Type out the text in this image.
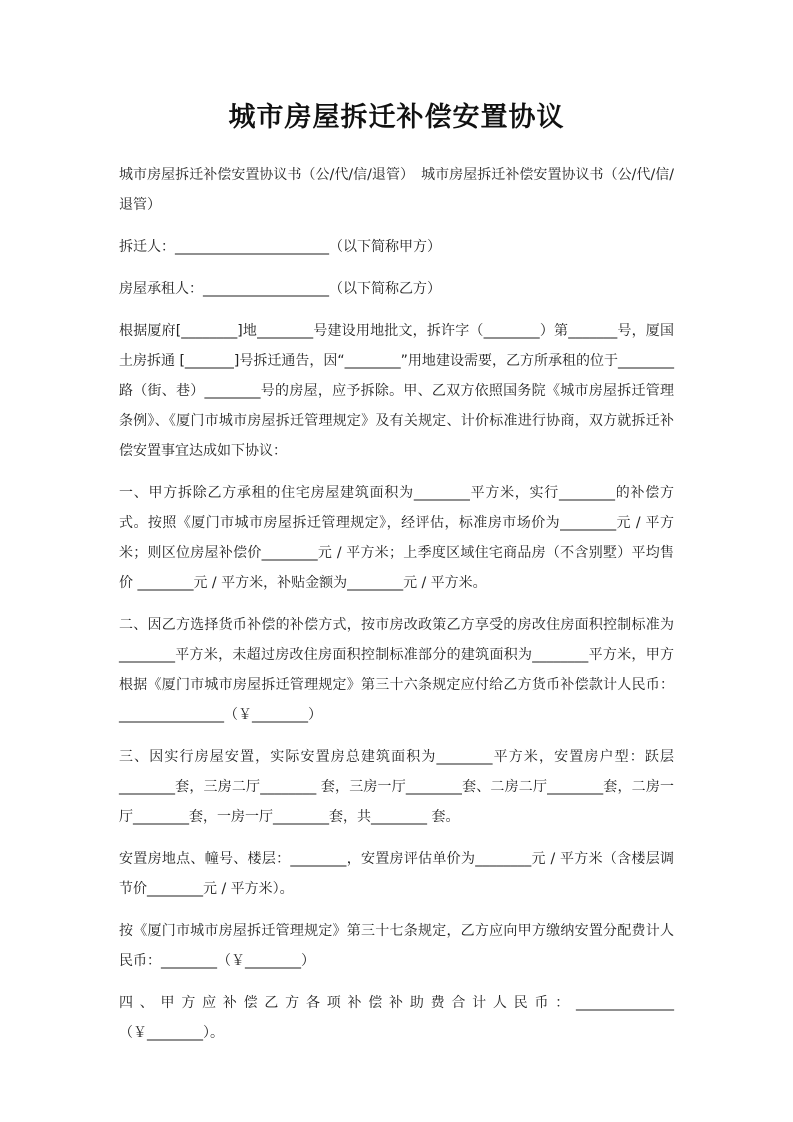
城市房屋拆迁补偿安置协议

城市房屋拆迁补偿安置协议书（公/代/信/退管）　城市房屋拆迁补偿安置协议书（公/代/信/退管）

拆迁人：______________________（以下简称甲方）

房屋承租人：__________________（以下简称乙方）

根据厦府[________]地________号建设用地批文，拆许字（________）第_______号，厦国土房拆通 [_______]号拆迁通告，因“________”用地建设需要，乙方所承租的位于________路（街、巷）________号的房屋，应予拆除。甲、乙双方依照国务院《城市房屋拆迁管理条例》、《厦门市城市房屋拆迁管理规定》及有关规定、计价标准进行协商，双方就拆迁补偿安置事宜达成如下协议：

一、甲方拆除乙方承租的住宅房屋建筑面积为________平方米，实行________的补偿方式。按照《厦门市城市房屋拆迁管理规定》，经评估，标准房市场价为________元 / 平方米；则区位房屋补偿价________元 / 平方米；上季度区域住宅商品房（不含别墅）平均售价 ________元 / 平方米，补贴金额为________元 / 平方米。

二、因乙方选择货币补偿的补偿方式，按市房改政策乙方享受的房改住房面积控制标准为________平方米，未超过房改住房面积控制标准部分的建筑面积为________平方米，甲方根据《厦门市城市房屋拆迁管理规定》第三十六条规定应付给乙方货币补偿款计人民币：_______________（￥________）

三、因实行房屋安置，实际安置房总建筑面积为________平方米，安置房户型：跃层________套，三房二厅________ 套，三房一厅________套、二房二厅________套，二房一厅________套，一房一厅________套，共________ 套。

安置房地点、幢号、楼层：________，安置房评估单价为________元 / 平方米（含楼层调节价________元 / 平方米）。

按《厦门市城市房屋拆迁管理规定》第三十七条规定，乙方应向甲方缴纳安置分配费计人民币：________（￥________）

四、甲方应补偿乙方各项补偿补助费合计人民币：______________

（￥________）。
